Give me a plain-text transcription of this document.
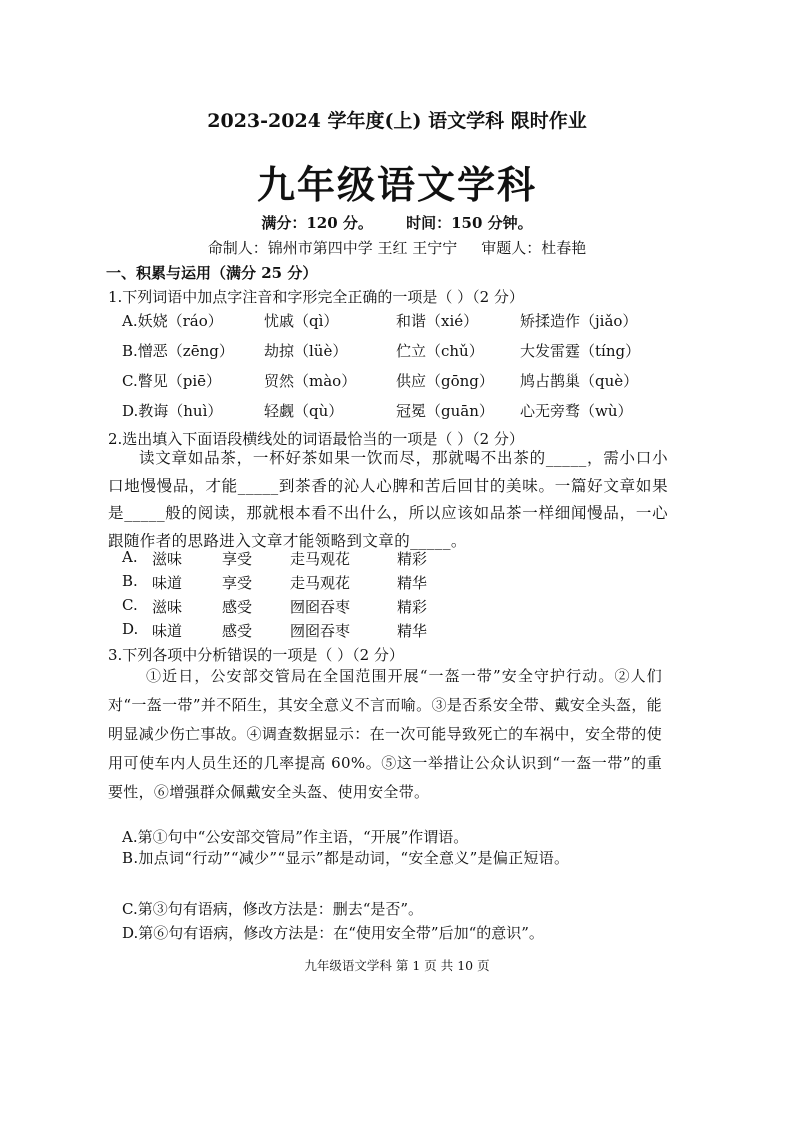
2023-2024 学年度(上) 语文学科 限时作业
九年级语文学科
满分：120 分。 时间：150 分钟。
命制人：锦州市第四中学 王红 王宁宁 审题人：杜春艳
一、积累与运用（满分 25 分）
1.下列词语中加点字注音和字形完全正确的一项是（ ）（2 分）
A.妖娆（ráo）	忧戚（qì）	和谐（xié）	矫揉造作（jiǎo）
B.憎恶（zēng） 劫掠（lüè）	伫立（chǔ） 大发雷霆（tíng）
C.瞥见（piē）	贸然（mào）	供应（gōng） 鸠占鹊巢（què）
D.教诲（huì）	轻觑（qù）	冠冕（guān） 心无旁骛（wù）
2.选出填入下面语段横线处的词语最恰当的一项是（ ）（2 分）
读文章如品茶，一杯好茶如果一饮而尽，那就喝不出茶的_____，需小口小口地慢慢品，才能_____到茶香的沁人心脾和苦后回甘的美味。一篇好文章如果是_____般的阅读，那就根本看不出什么，所以应该如品茶一样细闻慢品，一心跟随作者的思路进入文章才能领略到文章的_____。
A. 滋味	享受	走马观花	精彩
B. 味道	享受	走马观花	精华
C. 滋味	感受	囫囵吞枣	精彩
D. 味道	感受	囫囵吞枣	精华
3.下列各项中分析错误的一项是（ ）（2 分）
①近日，公安部交管局在全国范围开展“一盔一带”安全守护行动。②人们对“一盔一带”并不陌生，其安全意义不言而喻。③是否系安全带、戴安全头盔，能明显减少伤亡事故。④调查数据显示：在一次可能导致死亡的车祸中，安全带的使用可使车内人员生还的几率提高 60%。⑤这一举措让公众认识到“一盔一带”的重要性，⑥增强群众佩戴安全头盔、使用安全带。
A.第①句中“公安部交管局”作主语，“开展”作谓语。
B.加点词“行动”“减少”“显示”都是动词，“安全意义”是偏正短语。
C.第③句有语病，修改方法是：删去“是否”。
D.第⑥句有语病，修改方法是：在“使用安全带”后加“的意识”。
九年级语文学科 第 1 页 共 10 页
